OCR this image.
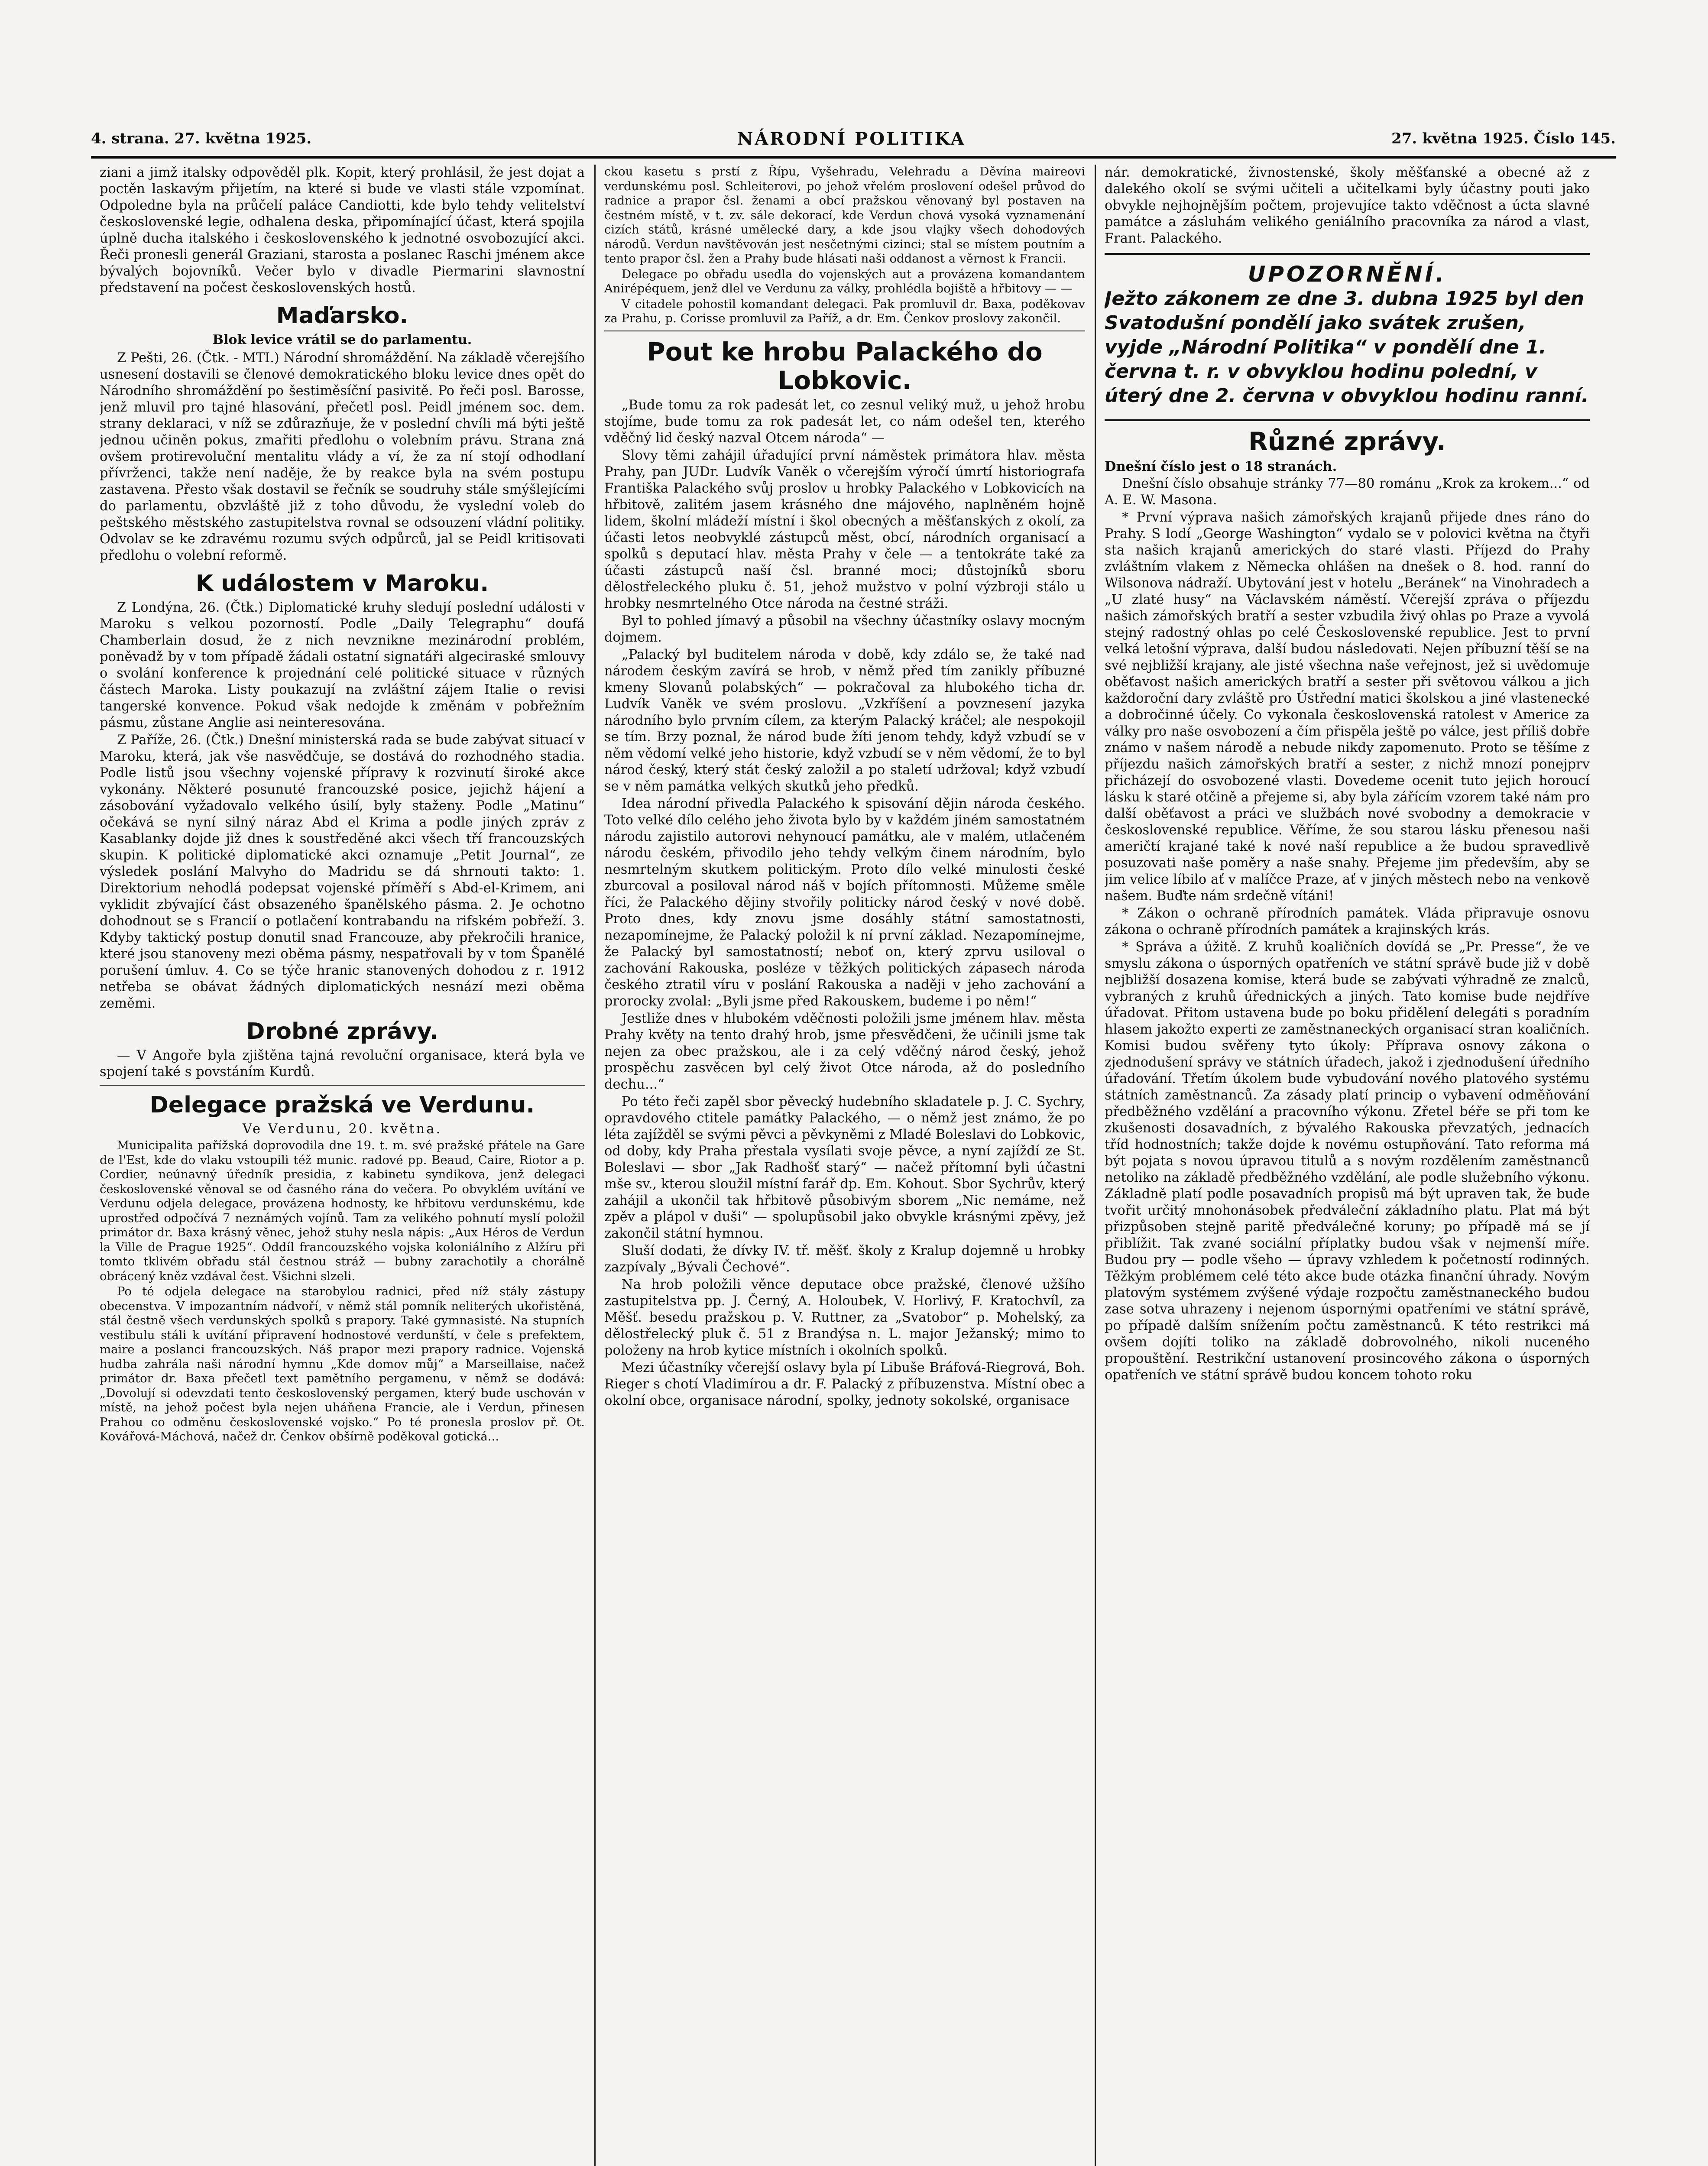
4. strana. 27. května 1925.	NÁRODNÍ POLITIKA	27. května 1925. Číslo 145.

ziani a jimž italsky odpověděl plk. Kopit, který prohlásil, že jest dojat a poctěn laskavým přijetím, na které si bude ve vlasti stále vzpomínat. Odpoledne byla na průčelí paláce Candiotti, kde bylo tehdy velitelství československé legie, odhalena deska, připomínající účast, která spojila úplně ducha italského i československého k jednotné osvobozující akci. Řeči pronesli generál Graziani, starosta a poslanec Raschi jménem akce bývalých bojovníků. Večer bylo v divadle Piermarini slavnostní představení na počest československých hostů.

Maďarsko.
Blok levice vrátil se do parlamentu.

Z Pešti, 26. (Čtk. - MTI.) Národní shromáždění. Na základě včerejšího usnesení dostavili se členové demokratického bloku levice dnes opět do Národního shromáždění po šestiměsíční pasivitě. Po řeči posl. Barosse, jenž mluvil pro tajné hlasování, přečetl posl. Peidl jménem soc. dem. strany deklaraci, v níž se zdůrazňuje, že v poslední chvíli má býti ještě jednou učiněn pokus, zmařiti předlohu o volebním právu. Strana zná ovšem protirevoluční mentalitu vlády a ví, že za ní stojí odhodlaní přívrženci, takže není naděje, že by reakce byla na svém postupu zastavena. Přesto však dostavil se řečník se soudruhy stále smýšlejícími do parlamentu, obzvláště již z toho důvodu, že vyslední voleb do peštského městského zastupitelstva rovnal se odsouzení vládní politiky. Odvolav se ke zdravému rozumu svých odpůrců, jal se Peidl kritisovati předlohu o volební reformě.

K událostem v Maroku.

Z Londýna, 26. (Čtk.) Diplomatické kruhy sledují poslední události v Maroku s velkou pozorností. Podle „Daily Telegraphu“ doufá Chamberlain dosud, že z nich nevznikne mezinárodní problém, poněvadž by v tom případě žádali ostatní signatáři algeciraské smlouvy o svolání konference k projednání celé politické situace v různých částech Maroka. Listy poukazují na zvláštní zájem Italie o revisi tangerské konvence. Pokud však nedojde k změnám v pobřežním pásmu, zůstane Anglie asi neinteresována.

Z Paříže, 26. (Čtk.) Dnešní ministerská rada se bude zabývat situací v Maroku, která, jak vše nasvědčuje, se dostává do rozhodného stadia. Podle listů jsou všechny vojenské přípravy k rozvinutí široké akce vykonány. Některé posunuté francouzské posice, jejichž hájení a zásobování vyžadovalo velkého úsilí, byly staženy. Podle „Matinu“ očekává se nyní silný náraz Abd el Krima a podle jiných zpráv z Kasablanky dojde již dnes k soustředěné akci všech tří francouzských skupin. K politické diplomatické akci oznamuje „Petit Journal“, ze výsledek poslání Malvyho do Madridu se dá shrnouti takto: 1. Direktorium nehodlá podepsat vojenské příměří s Abd-el-Krimem, ani vyklidit zbývající část obsazeného španělského pásma. 2. Je ochotno dohodnout se s Francií o potlačení kontrabandu na rifském pobřeží. 3. Kdyby taktický postup donutil snad Francouze, aby překročili hranice, které jsou stanoveny mezi oběma pásmy, nespatřovali by v tom Španělé porušení úmluv. 4. Co se týče hranic stanovených dohodou z r. 1912 netřeba se obávat žádných diplomatických nesnází mezi oběma zeměmi.

Drobné zprávy.

— V Angoře byla zjištěna tajná revoluční organisace, která byla ve spojení také s povstáním Kurdů.

Delegace pražská ve Verdunu.
Ve Verdunu, 20. května.

Municipalita pařížská doprovodila dne 19. t. m. své pražské přátele na Gare de l'Est, kde do vlaku vstoupili též munic. radové pp. Beaud, Caire, Riotor a p. Cordier, neúnavný úředník presidia, z kabinetu syndikova, jenž delegaci československé věnoval se od časného rána do večera. Po obvyklém uvítání ve Verdunu odjela delegace, provázena hodnosty, ke hřbitovu verdunskému, kde uprostřed odpočívá 7 neznámých vojínů. Tam za velikého pohnutí myslí položil primátor dr. Baxa krásný věnec, jehož stuhy nesla nápis: „Aux Héros de Verdun la Ville de Prague 1925“. Oddíl francouzského vojska koloniálního z Alžíru při tomto tklivém obřadu stál čestnou stráž — bubny zarachotily a chorálně obrácený kněz vzdával čest. Všichni slzeli.

Po té odjela delegace na starobylou radnici, před níž stály zástupy obecenstva. V impozantním nádvoří, v němž stál pomník neliterých ukořistěná, stál čestně všech verdunských spolků s prapory. Také gymnasisté. Na stupních vestibulu stáli k uvítání připravení hodnostové verdunští, v čele s prefektem, maire a poslanci francouzských. Náš prapor mezi prapory radnice. Vojenská hudba zahrála naši národní hymnu „Kde domov můj“ a Marseillaise, načež primátor dr. Baxa přečetl text pamětního pergamenu, v němž se dodává: „Dovolují si odevzdati tento československý pergamen, který bude uschován v místě, na jehož počest byla nejen uháňena Francie, ale i Verdun, přinesen Prahou co odměnu československé vojsko.“ Po té pronesla proslov př. Ot. Kovářová-Máchová, načež dr. Čenkov obšírně poděkoval gotická...

ckou kasetu s prstí z Řípu, Vyšehradu, Velehradu a Děvína maireovi verdunskému posl. Schleiterovi, po jehož vřelém proslovení odešel průvod do radnice a prapor čsl. ženami a obcí pražskou věnovaný byl postaven na čestném místě, v t. zv. sále dekorací, kde Verdun chová vysoká vyznamenání cizích států, krásné umělecké dary, a kde jsou vlajky všech dohodových národů. Verdun navštěvován jest nesčetnými cizinci; stal se místem poutním a tento prapor čsl. žen a Prahy bude hlásati naši oddanost a věrnost k Francii.

Delegace po obřadu usedla do vojenských aut a provázena komandantem Anirépéquem, jenž dlel ve Verdunu za války, prohlédla bojiště a hřbitovy — —

V citadele pohostil komandant delegaci. Pak promluvil dr. Baxa, poděkovav za Prahu, p. Corisse promluvil za Paříž, a dr. Em. Čenkov proslovy zakončil.

Pout ke hrobu Palackého do Lobkovic.

„Bude tomu za rok padesát let, co zesnul veliký muž, u jehož hrobu stojíme, bude tomu za rok padesát let, co nám odešel ten, kterého vděčný lid český nazval Otcem národa“ —

Slovy těmi zahájil úřadující první náměstek primátora hlav. města Prahy, pan JUDr. Ludvík Vaněk o včerejším výročí úmrtí historiografa Františka Palackého svůj proslov u hrobky Palackého v Lobkovicích na hřbitově, zalitém jasem krásného dne májového, naplněném hojně lidem, školní mládeží místní i škol obecných a měšťanských z okolí, za účasti letos neobvyklé zástupců měst, obcí, národních organisací a spolků s deputací hlav. města Prahy v čele — a tentokráte také za účasti zástupců naší čsl. branné moci; důstojníků sboru dělostřeleckého pluku č. 51, jehož mužstvo v polní výzbroji stálo u hrobky nesmrtelného Otce národa na čestné stráži.

Byl to pohled jímavý a působil na všechny účastníky oslavy mocným dojmem.

„Palacký byl buditelem národa v době, kdy zdálo se, že také nad národem českým zavírá se hrob, v němž před tím zanikly příbuzné kmeny Slovanů polabských“ — pokračoval za hlubokého ticha dr. Ludvík Vaněk ve svém proslovu. „Vzkříšení a povznesení jazyka národního bylo prvním cílem, za kterým Palacký kráčel; ale nespokojil se tím. Brzy poznal, že národ bude žíti jenom tehdy, když vzbudí se v něm vědomí velké jeho historie, když vzbudí se v něm vědomí, že to byl národ český, který stát český založil a po staletí udržoval; když vzbudí se v něm památka velkých skutků jeho předků.

Idea národní přivedla Palackého k spisování dějin národa českého. Toto velké dílo celého jeho života bylo by v každém jiném samostatném národu zajistilo autorovi nehynoucí památku, ale v malém, utlačeném národu českém, přivodilo jeho tehdy velkým činem národním, bylo nesmrtelným skutkem politickým. Proto dílo velké minulosti české zburcoval a posiloval národ náš v bojích přítomnosti. Můžeme směle říci, že Palackého dějiny stvořily politicky národ český v nové době. Proto dnes, kdy znovu jsme dosáhly státní samostatnosti, nezapomínejme, že Palacký položil k ní první základ. Nezapomínejme, že Palacký byl samostatností; neboť on, který zprvu usiloval o zachování Rakouska, posléze v těžkých politických zápasech národa českého ztratil víru v poslání Rakouska a naději v jeho zachování a prorocky zvolal: „Byli jsme před Rakouskem, budeme i po něm!“

Jestliže dnes v hlubokém vděčnosti položili jsme jménem hlav. města Prahy květy na tento drahý hrob, jsme přesvědčeni, že učinili jsme tak nejen za obec pražskou, ale i za celý vděčný národ český, jehož prospěchu zasvěcen byl celý život Otce národa, až do posledního dechu...“

Po této řeči zapěl sbor pěvecký hudebního skladatele p. J. C. Sychry, opravdového ctitele památky Palackého, — o němž jest známo, že po léta zajížděl se svými pěvci a pěvkyněmi z Mladé Boleslavi do Lobkovic, od doby, kdy Praha přestala vysílati svoje pěvce, a nyní zajíždí ze St. Boleslavi — sbor „Jak Radhošť starý“ — načež přítomní byli účastni mše sv., kterou sloužil místní farář dp. Em. Kohout. Sbor Sychrův, který zahájil a ukončil tak hřbitově působivým sborem „Nic nemáme, než zpěv a plápol v duši“ — spolupůsobil jako obvykle krásnými zpěvy, jež zakončil státní hymnou.

Sluší dodati, že dívky IV. tř. měšť. školy z Kralup dojemně u hrobky zazpívaly „Bývali Čechové“.

Na hrob položili věnce deputace obce pražské, členové užšího zastupitelstva pp. J. Černý, A. Holoubek, V. Horlivý, F. Kratochvíl, za Měšť. besedu pražskou p. V. Ruttner, za „Svatobor“ p. Mohelský, za dělostřelecký pluk č. 51 z Brandýsa n. L. major Ježanský; mimo to položeny na hrob kytice místních i okolních spolků.

Mezi účastníky včerejší oslavy byla pí Libuše Bráfová-Riegrová, Boh. Rieger s chotí Vladimírou a dr. F. Palacký z příbuzenstva. Místní obec a okolní obce, organisace národní, spolky, jednoty sokolské, organisace

nár. demokratické, živnostenské, školy měšťanské a obecné až z dalekého okolí se svými učiteli a učitelkami byly účastny pouti jako obvykle nejhojnějším počtem, projevujíce takto vděčnost a úcta slavné památce a zásluhám velikého geniálního pracovníka za národ a vlast, Frant. Palackého.

UPOZORNĚNÍ.
Ježto zákonem ze dne 3. dubna 1925 byl den Svatodušní pondělí jako svátek zrušen, vyjde „Národní Politika“ v pondělí dne 1. června t. r. v obvyklou hodinu polední, v úterý dne 2. června v obvyklou hodinu ranní.
Různé zprávy.

Dnešní číslo jest o 18 stranách.

Dnešní číslo obsahuje stránky 77—80 románu „Krok za krokem...“ od A. E. W. Masona.

* První výprava našich zámořských krajanů přijede dnes ráno do Prahy. S lodí „George Washington“ vydalo se v polovici května na čtyři sta našich krajanů amerických do staré vlasti. Příjezd do Prahy zvláštním vlakem z Německa ohlášen na dnešek o 8. hod. ranní do Wilsonova nádraží. Ubytování jest v hotelu „Beránek“ na Vinohradech a „U zlaté husy“ na Václavském náměstí. Včerejší zpráva o příjezdu našich zámořských bratří a sester vzbudila živý ohlas po Praze a vyvolá stejný radostný ohlas po celé Československé republice. Jest to první velká letošní výprava, další budou následovati. Nejen příbuzní těší se na své nejbližší krajany, ale jisté všechna naše veřejnost, jež si uvědomuje oběťavost našich amerických bratří a sester při světovou válkou a jich každoroční dary zvláště pro Ústřední matici školskou a jiné vlastenecké a dobročinné účely. Co vykonala československá ratolest v Americe za války pro naše osvobození a čím přispěla ještě po válce, jest příliš dobře známo v našem národě a nebude nikdy zapomenuto. Proto se těšíme z příjezdu našich zámořských bratří a sester, z nichž mnozí ponejprv přicházejí do osvobozené vlasti. Dovedeme ocenit tuto jejich horoucí lásku k staré otčině a přejeme si, aby byla zářícím vzorem také nám pro další oběťavost a práci ve službách nové svobodny a demokracie v československé republice. Věříme, že sou starou lásku přenesou naši američtí krajané také k nové naší republice a že budou spravedlivě posuzovati naše poměry a naše snahy. Přejeme jim především, aby se jim velice líbilo ať v malíčce Praze, ať v jiných městech nebo na venkově našem. Buďte nám srdečně vítáni!

* Zákon o ochraně přírodních památek. Vláda připravuje osnovu zákona o ochraně přírodních památek a krajinských krás.

* Správa a úžitě. Z kruhů koaličních dovídá se „Pr. Presse“, že ve smyslu zákona o úsporných opatřeních ve státní správě bude již v době nejbližší dosazena komise, která bude se zabývati výhradně ze znalců, vybraných z kruhů úřednických a jiných. Tato komise bude nejdříve úřadovat. Přitom ustavena bude po boku přidělení delegáti s poradním hlasem jakožto experti ze zaměstnaneckých organisací stran koaličních. Komisi budou svěřeny tyto úkoly: Příprava osnovy zákona o zjednodušení správy ve státních úřadech, jakož i zjednodušení úředního úřadování. Třetím úkolem bude vybudování nového platového systému státních zaměstnanců. Za zásady platí princip o vybavení odměňování předběžného vzdělání a pracovního výkonu. Zřetel béře se při tom ke zkušenosti dosavadních, z bývalého Rakouska převzatých, jednacích tříd hodnostních; takže dojde k novému ostupňování. Tato reforma má být pojata s novou úpravou titulů a s novým rozdělením zaměstnanců netoliko na základě předběžného vzdělání, ale podle služebního výkonu. Základně platí podle posavadních propisů má být upraven tak, že bude tvořit určitý mnohonásobek předváleční základního platu. Plat má být přizpůsoben stejně paritě předválečné koruny; po případě má se jí přiblížit. Tak zvané sociální příplatky budou však v nejmenší míře. Budou pry — podle všeho — úpravy vzhledem k početností rodinných. Těžkým problémem celé této akce bude otázka finanční úhrady. Novým platovým systémem zvýšené výdaje rozpočtu zaměstnaneckého budou zase sotva uhrazeny i nejenom úspornými opatřeními ve státní správě, po případě dalším snížením počtu zaměstnanců. K této restrikci má ovšem dojíti toliko na základě dobrovolného, nikoli nuceného propouštění. Restrikční ustanovení prosincového zákona o úsporných opatřeních ve státní správě budou koncem tohoto roku
